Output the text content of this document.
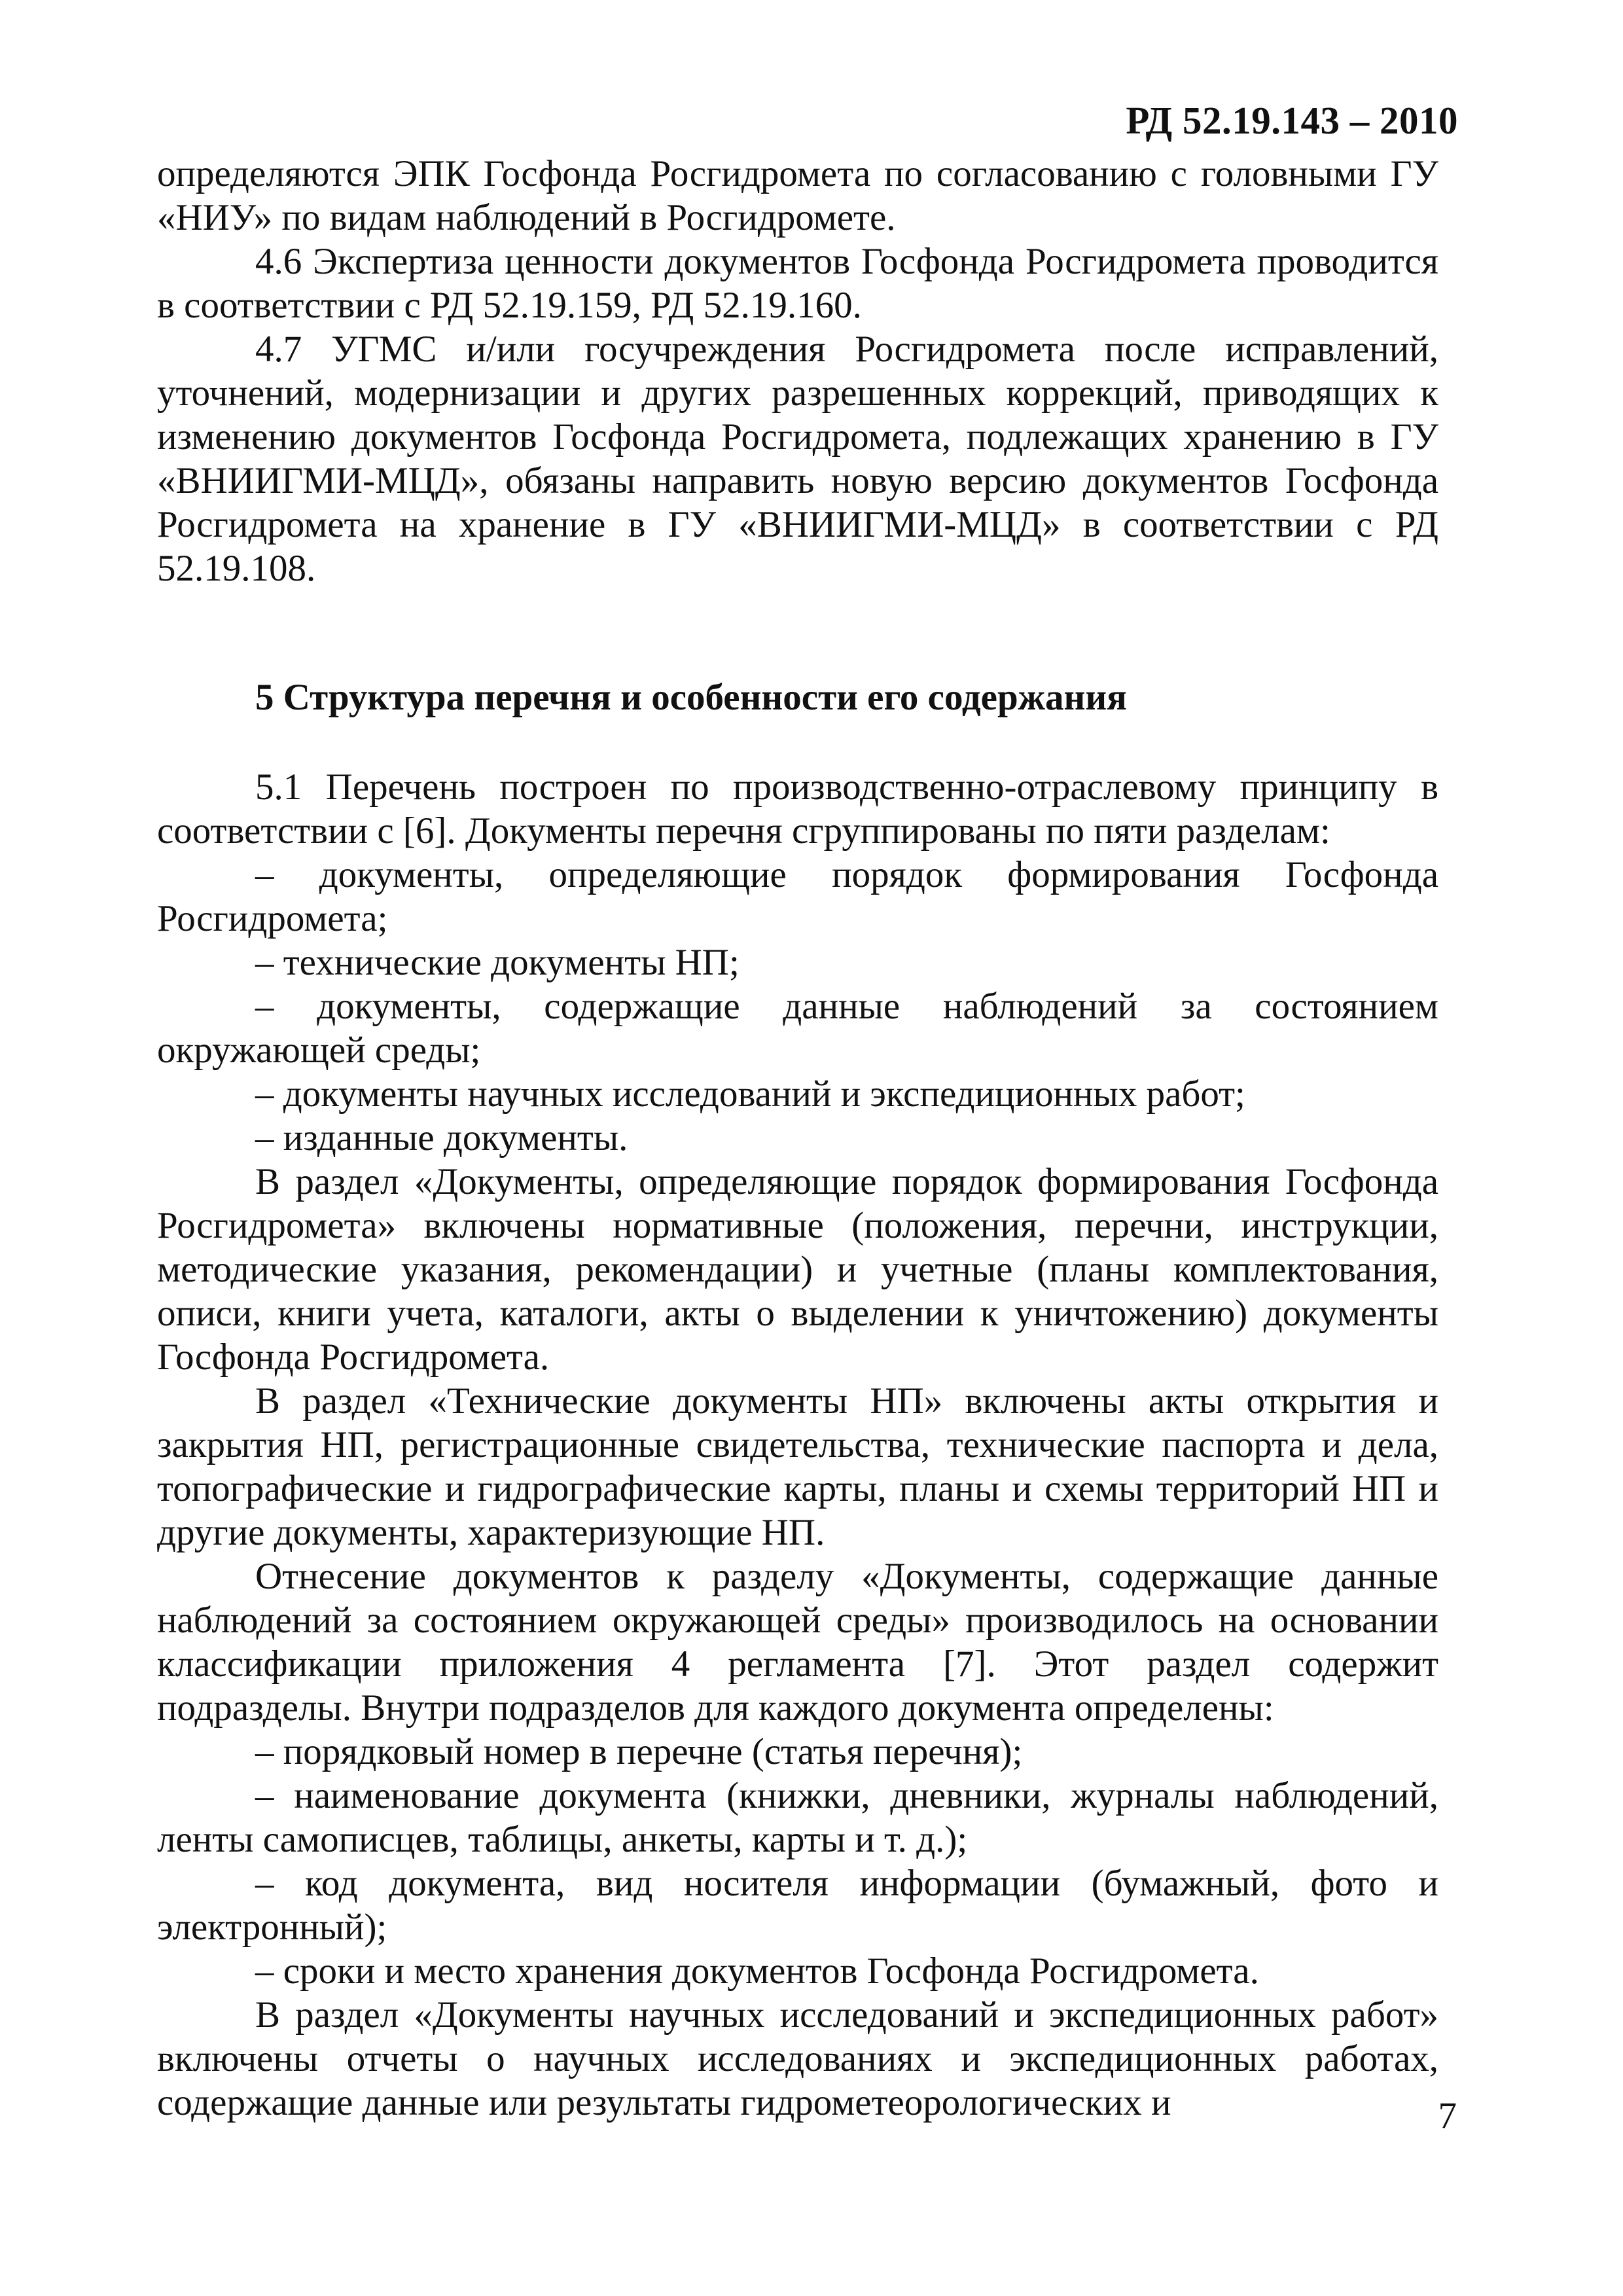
РД 52.19.143 – 2010

определяются ЭПК Госфонда Росгидромета по согласованию с головными ГУ «НИУ» по видам наблюдений в Росгидромете.

4.6 Экспертиза ценности документов Госфонда Росгидромета проводится в соответствии с РД 52.19.159, РД 52.19.160.

4.7 УГМС и/или госучреждения Росгидромета после исправлений, уточнений, модернизации и других разрешенных коррекций, приводящих к изменению документов Госфонда Росгидромета, подлежащих хранению в ГУ «ВНИИГМИ-МЦД», обязаны направить новую версию документов Госфонда Росгидромета на хранение в ГУ «ВНИИГМИ-МЦД» в соответствии с РД 52.19.108.

5 Структура перечня и особенности его содержания

5.1 Перечень построен по производственно-отраслевому принципу в соответствии с [6]. Документы перечня сгруппированы по пяти разделам:

– документы, определяющие порядок формирования Госфонда Росгидромета;

– технические документы НП;

– документы, содержащие данные наблюдений за состоянием окружающей среды;

– документы научных исследований и экспедиционных работ;

– изданные документы.

В раздел «Документы, определяющие порядок формирования Госфонда Росгидромета» включены нормативные (положения, перечни, инструкции, методические указания, рекомендации) и учетные (планы комплектования, описи, книги учета, каталоги, акты о выделении к уничтожению) документы Госфонда Росгидромета.

В раздел «Технические документы НП» включены акты открытия и закрытия НП, регистрационные свидетельства, технические паспорта и дела, топографические и гидрографические карты, планы и схемы территорий НП и другие документы, характеризующие НП.

Отнесение документов к разделу «Документы, содержащие данные наблюдений за состоянием окружающей среды» производилось на основании классификации приложения 4 регламента [7]. Этот раздел содержит подразделы. Внутри подразделов для каждого документа определены:

– порядковый номер в перечне (статья перечня);

– наименование документа (книжки, дневники, журналы наблюдений, ленты самописцев, таблицы, анкеты, карты и т. д.);

– код документа, вид носителя информации (бумажный, фото и электронный);

– сроки и место хранения документов Госфонда Росгидромета.

В раздел «Документы научных исследований и экспедиционных работ» включены отчеты о научных исследованиях и экспедиционных работах, содержащие данные или результаты гидрометеорологических и	7
